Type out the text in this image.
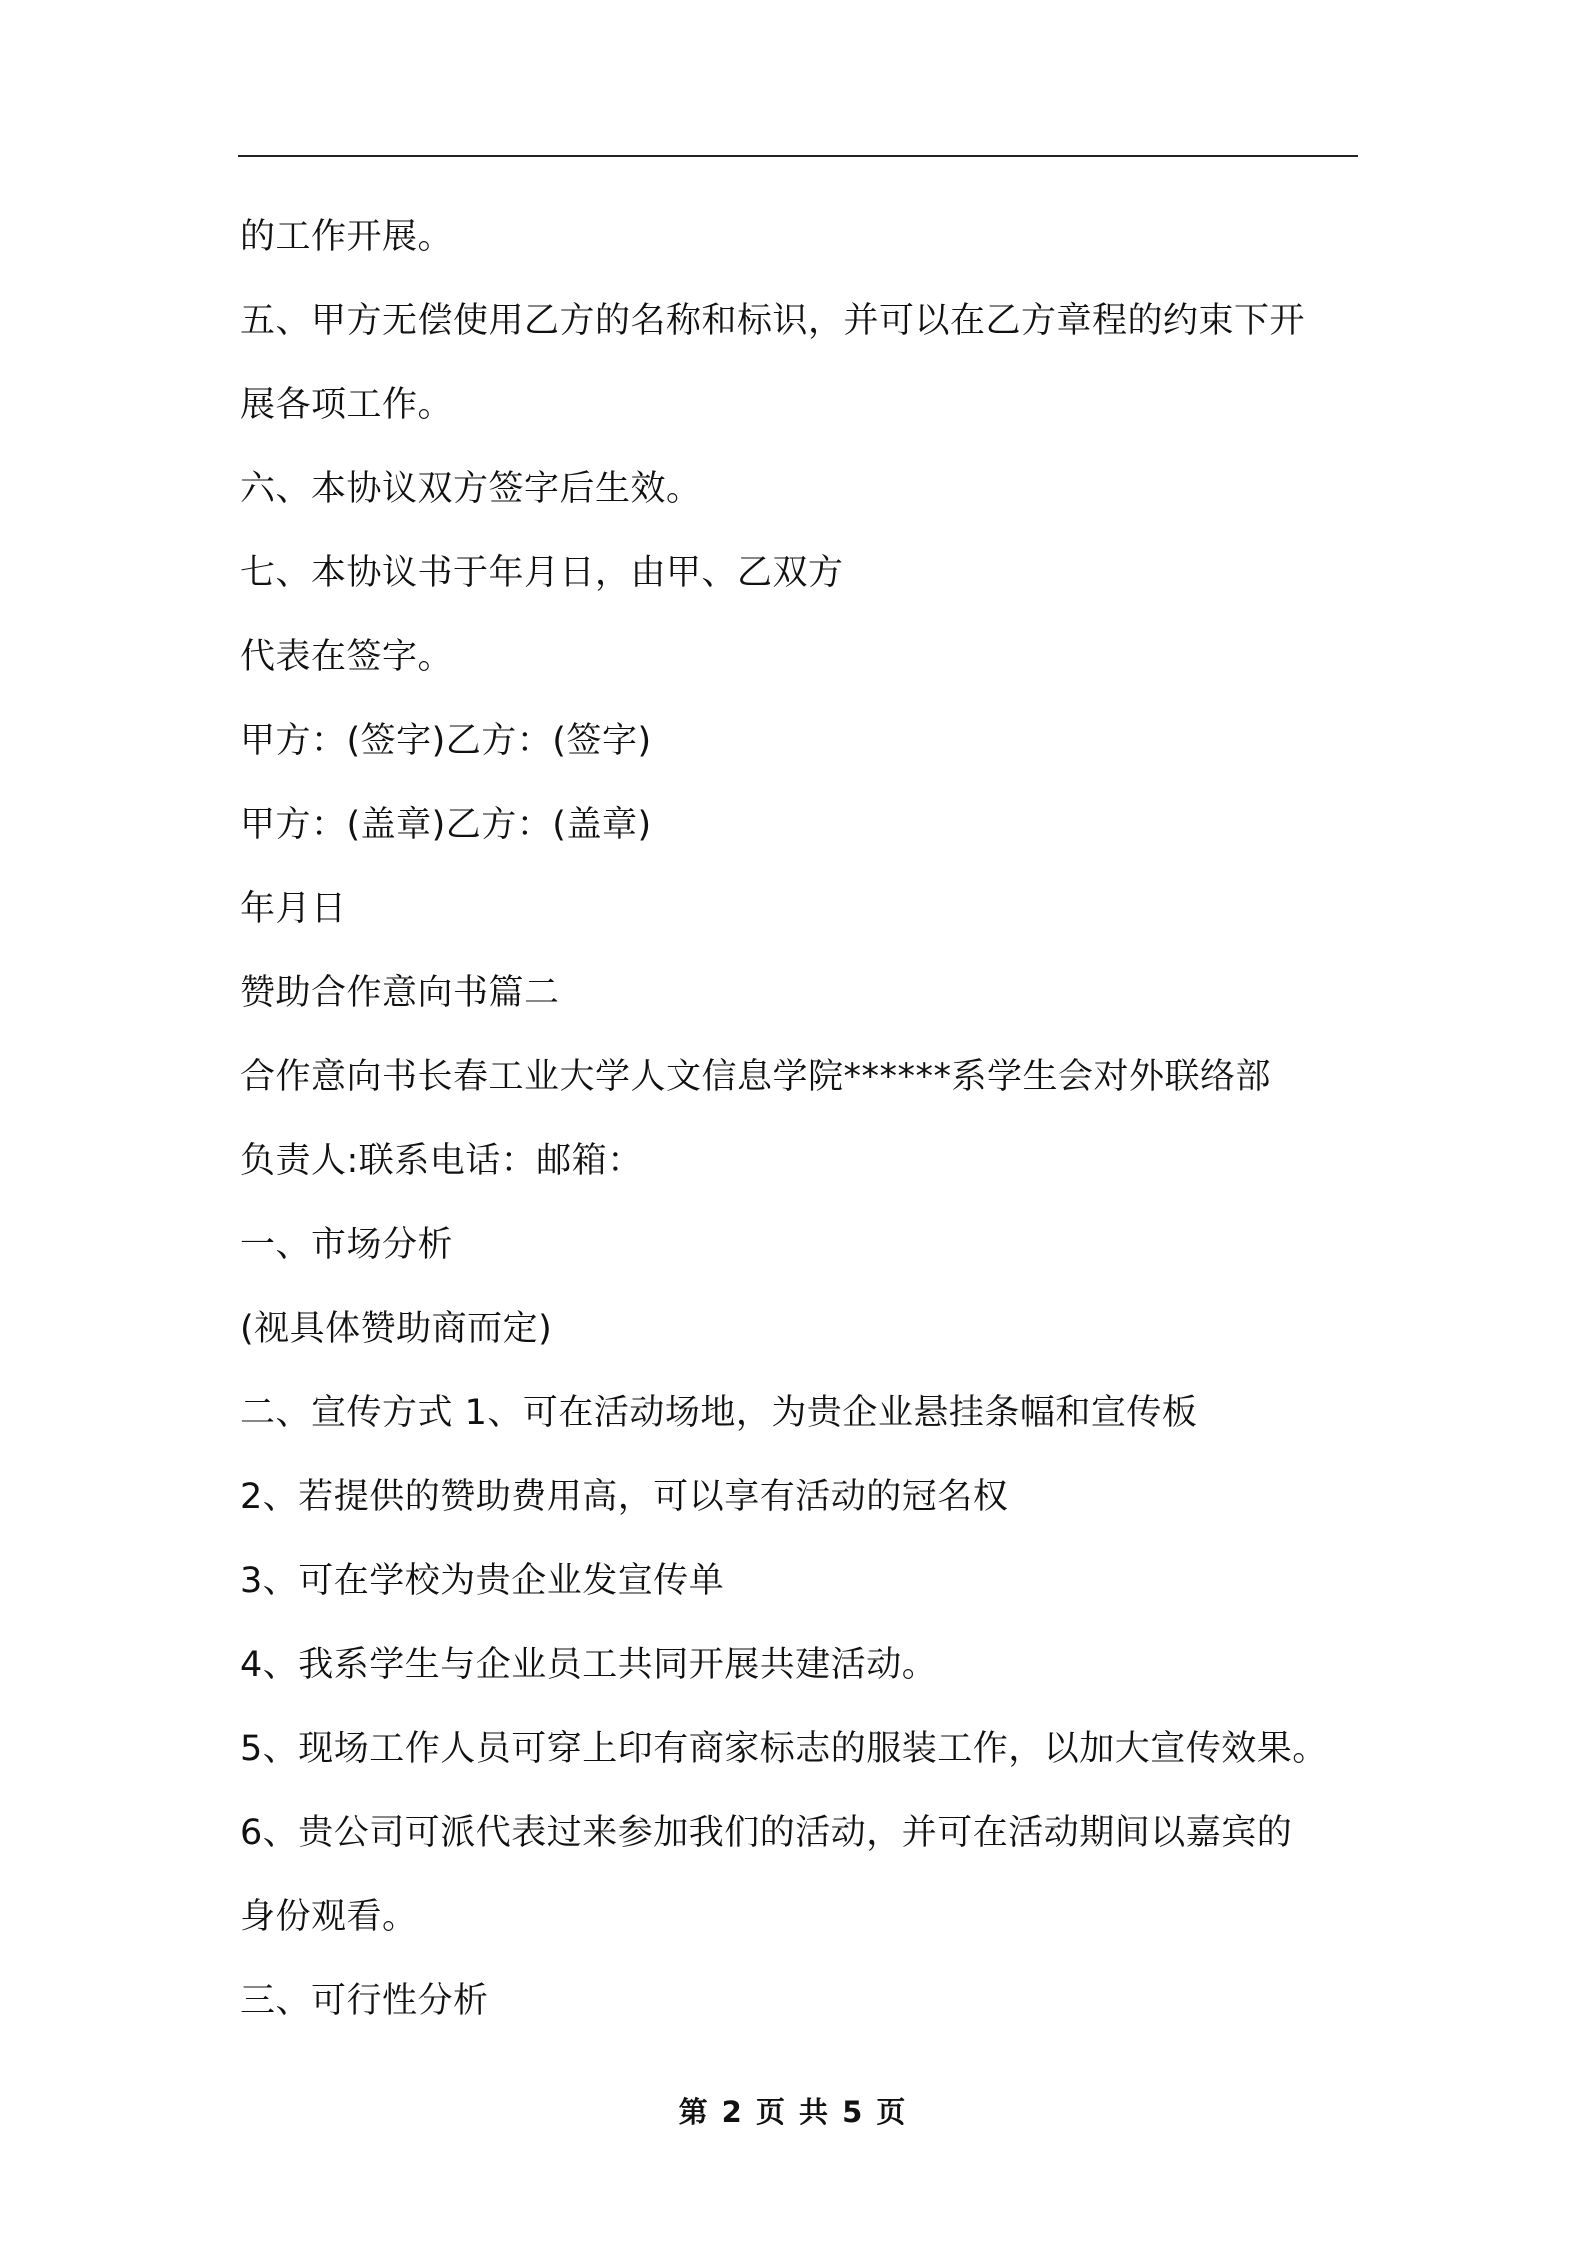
的工作开展。
五、甲方无偿使用乙方的名称和标识，并可以在乙方章程的约束下开
展各项工作。
六、本协议双方签字后生效。
七、本协议书于年月日，由甲、乙双方
代表在签字。
甲方：(签字)乙方：(签字)
甲方：(盖章)乙方：(盖章)
年月日
赞助合作意向书篇二
合作意向书长春工业大学人文信息学院******系学生会对外联络部
负责人:联系电话：邮箱：
一、市场分析
(视具体赞助商而定)
二、宣传方式 1、可在活动场地，为贵企业悬挂条幅和宣传板
2、若提供的赞助费用高，可以享有活动的冠名权
3、可在学校为贵企业发宣传单
4、我系学生与企业员工共同开展共建活动。
5、现场工作人员可穿上印有商家标志的服装工作，以加大宣传效果。
6、贵公司可派代表过来参加我们的活动，并可在活动期间以嘉宾的
身份观看。
三、可行性分析
第 2 页 共 5 页
